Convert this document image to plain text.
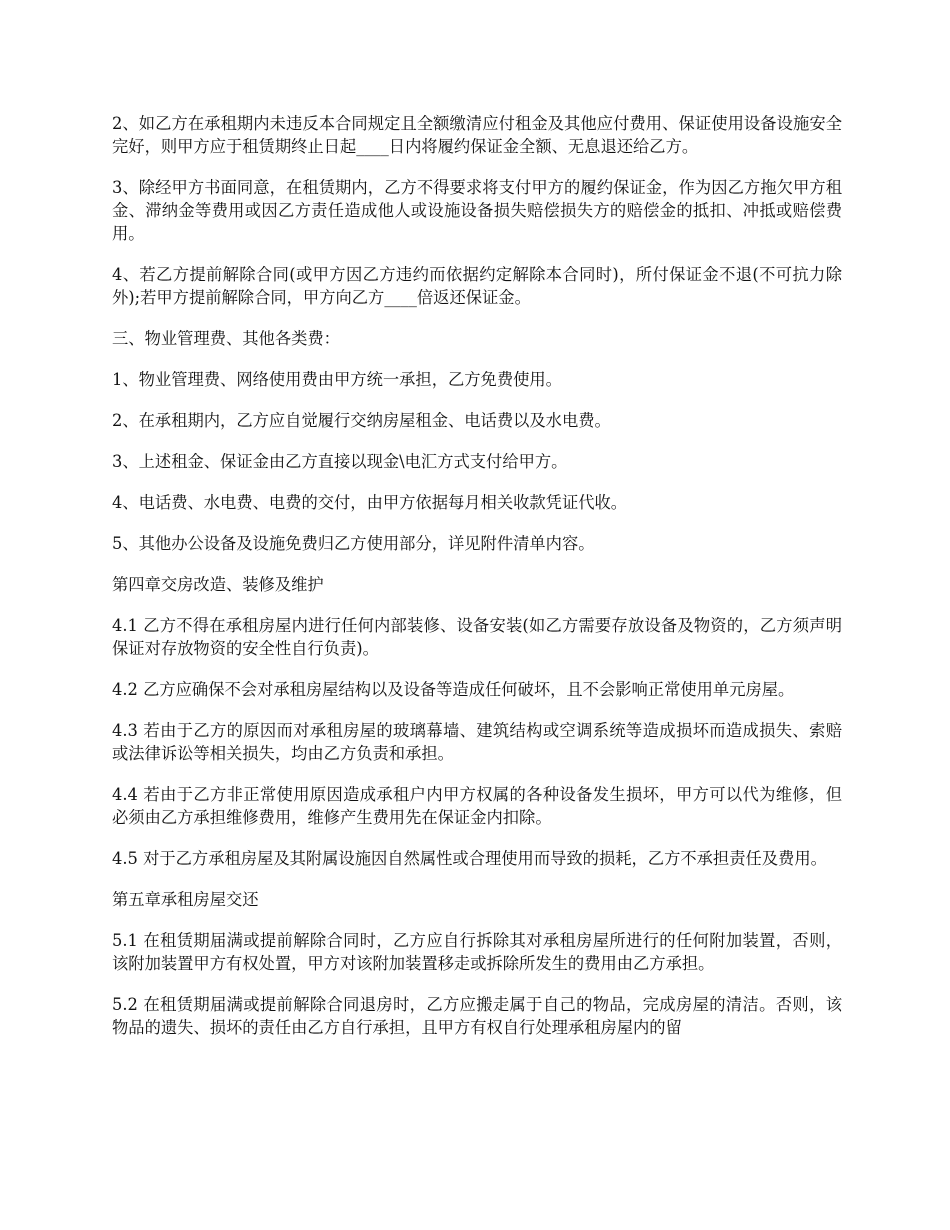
2、如乙方在承租期内未违反本合同规定且全额缴清应付租金及其他应付费用、保证使用设备设施安全完好，则甲方应于租赁期终止日起____日内将履约保证金全额、无息退还给乙方。

3、除经甲方书面同意，在租赁期内，乙方不得要求将支付甲方的履约保证金，作为因乙方拖欠甲方租金、滞纳金等费用或因乙方责任造成他人或设施设备损失赔偿损失方的赔偿金的抵扣、冲抵或赔偿费用。

4、若乙方提前解除合同(或甲方因乙方违约而依据约定解除本合同时)，所付保证金不退(不可抗力除外);若甲方提前解除合同，甲方向乙方____倍返还保证金。

三、物业管理费、其他各类费：

1、物业管理费、网络使用费由甲方统一承担，乙方免费使用。

2、在承租期内，乙方应自觉履行交纳房屋租金、电话费以及水电费。

3、上述租金、保证金由乙方直接以现金\电汇方式支付给甲方。

4、电话费、水电费、电费的交付，由甲方依据每月相关收款凭证代收。

5、其他办公设备及设施免费归乙方使用部分，详见附件清单内容。

第四章交房改造、装修及维护

4.1 乙方不得在承租房屋内进行任何内部装修、设备安装(如乙方需要存放设备及物资的，乙方须声明保证对存放物资的安全性自行负责)。

4.2 乙方应确保不会对承租房屋结构以及设备等造成任何破坏，且不会影响正常使用单元房屋。

4.3 若由于乙方的原因而对承租房屋的玻璃幕墙、建筑结构或空调系统等造成损坏而造成损失、索赔或法律诉讼等相关损失，均由乙方负责和承担。

4.4 若由于乙方非正常使用原因造成承租户内甲方权属的各种设备发生损坏，甲方可以代为维修，但必须由乙方承担维修费用，维修产生费用先在保证金内扣除。

4.5 对于乙方承租房屋及其附属设施因自然属性或合理使用而导致的损耗，乙方不承担责任及费用。

第五章承租房屋交还

5.1 在租赁期届满或提前解除合同时，乙方应自行拆除其对承租房屋所进行的任何附加装置，否则，该附加装置甲方有权处置，甲方对该附加装置移走或拆除所发生的费用由乙方承担。

5.2 在租赁期届满或提前解除合同退房时，乙方应搬走属于自己的物品，完成房屋的清洁。否则，该物品的遗失、损坏的责任由乙方自行承担，且甲方有权自行处理承租房屋内的留
